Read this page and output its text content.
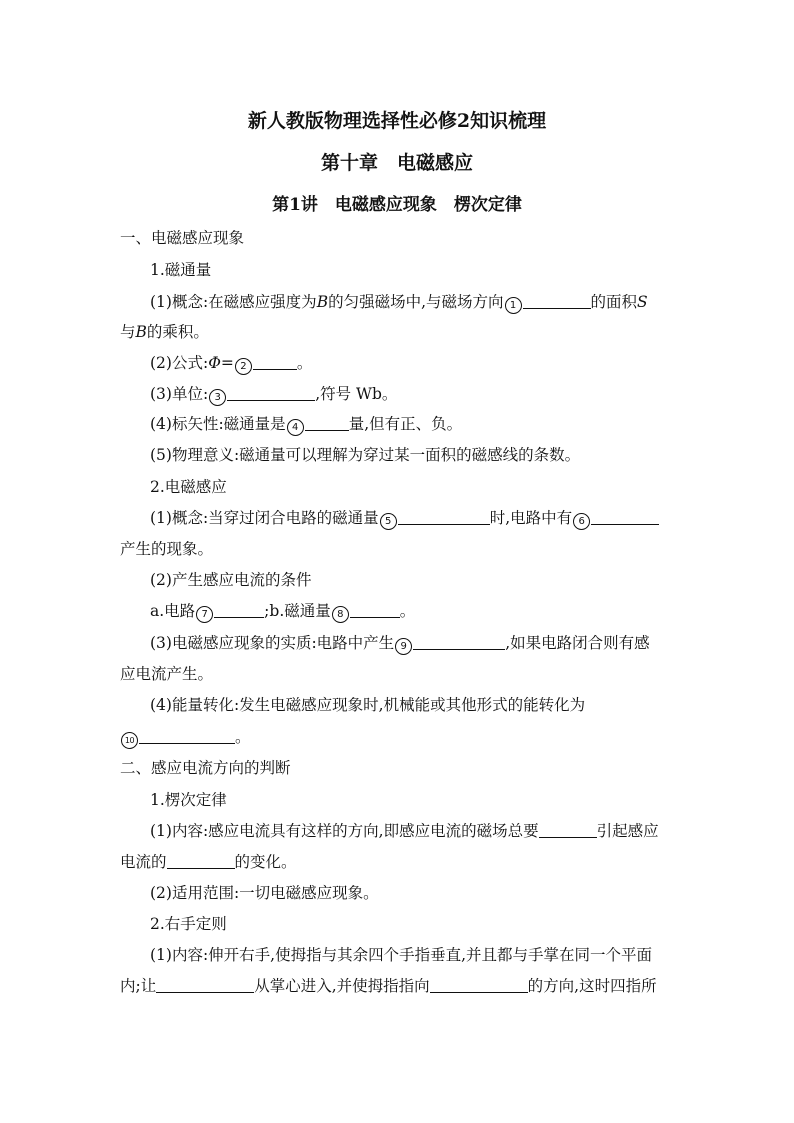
新人教版物理选择性必修2知识梳理
第十章　电磁感应
第1讲　电磁感应现象　楞次定律
一、电磁感应现象
1.磁通量
(1)概念:在磁感应强度为B的匀强磁场中,与磁场方向 1	的面积S
与B的乘积。
(2)公式:Φ= 2	。
(3)单位: 3	,符号 Wb。
(4)标矢性:磁通量是 4	量,但有正、负。
(5)物理意义:磁通量可以理解为穿过某一面积的磁感线的条数。
2.电磁感应
(1)概念:当穿过闭合电路的磁通量 5	时,电路中有 6
产生的现象。
(2)产生感应电流的条件
a.电路 7	;b.磁通量 8	。
(3)电磁感应现象的实质:电路中产生 9	,如果电路闭合则有感
应电流产生。
(4)能量转化:发生电磁感应现象时,机械能或其他形式的能转化为
10	。
二、感应电流方向的判断
1.楞次定律
(1)内容:感应电流具有这样的方向,即感应电流的磁场总要	引起感应
电流的	的变化。
(2)适用范围:一切电磁感应现象。
2.右手定则
(1)内容:伸开右手,使拇指与其余四个手指垂直,并且都与手掌在同一个平面
内;让	从掌心进入,并使拇指指向	的方向,这时四指所
